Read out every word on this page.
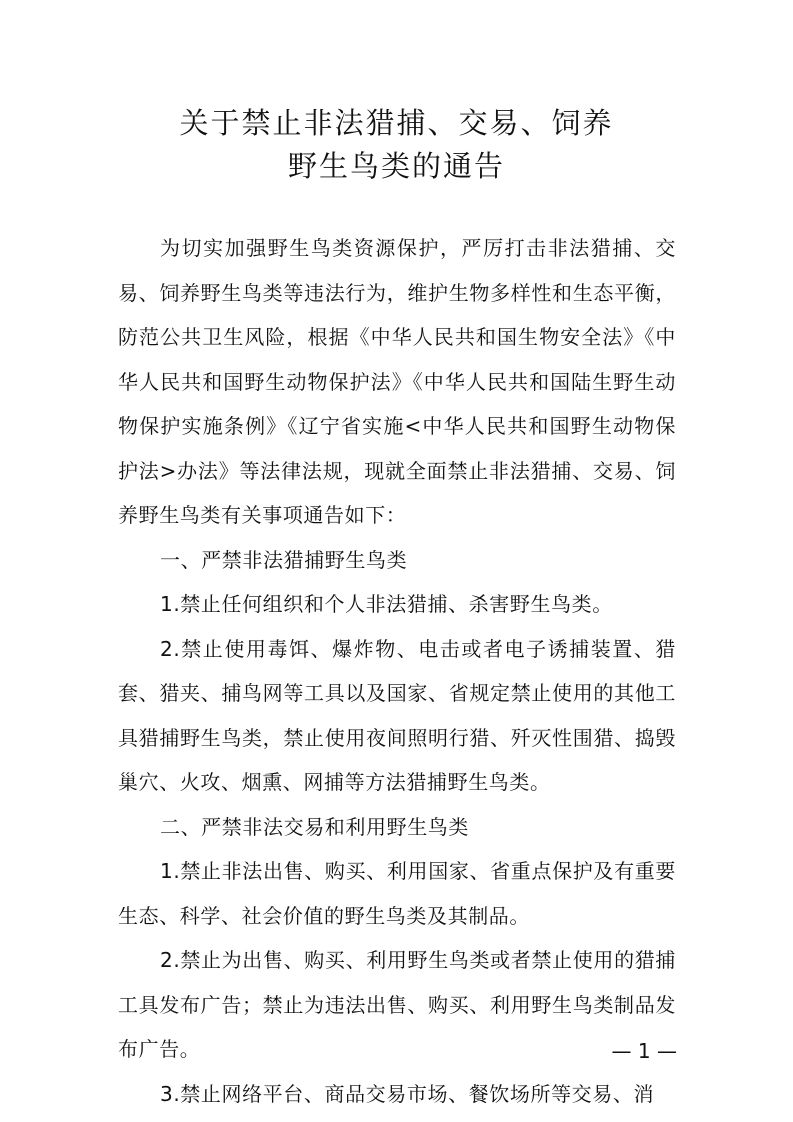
关于禁止非法猎捕、交易、饲养
野生鸟类的通告

为切实加强野生鸟类资源保护，严厉打击非法猎捕、交易、饲养野生鸟类等违法行为，维护生物多样性和生态平衡，防范公共卫生风险，根据《中华人民共和国生物安全法》《中华人民共和国野生动物保护法》《中华人民共和国陆生野生动物保护实施条例》《辽宁省实施<中华人民共和国野生动物保护法>办法》等法律法规，现就全面禁止非法猎捕、交易、饲养野生鸟类有关事项通告如下：

一、严禁非法猎捕野生鸟类

1.禁止任何组织和个人非法猎捕、杀害野生鸟类。

2.禁止使用毒饵、爆炸物、电击或者电子诱捕装置、猎套、猎夹、捕鸟网等工具以及国家、省规定禁止使用的其他工具猎捕野生鸟类，禁止使用夜间照明行猎、歼灭性围猎、捣毁巢穴、火攻、烟熏、网捕等方法猎捕野生鸟类。

二、严禁非法交易和利用野生鸟类

1.禁止非法出售、购买、利用国家、省重点保护及有重要生态、科学、社会价值的野生鸟类及其制品。

2.禁止为出售、购买、利用野生鸟类或者禁止使用的猎捕工具发布广告；禁止为违法出售、购买、利用野生鸟类制品发布广告。

3.禁止网络平台、商品交易市场、餐饮场所等交易、消

— 1 —
